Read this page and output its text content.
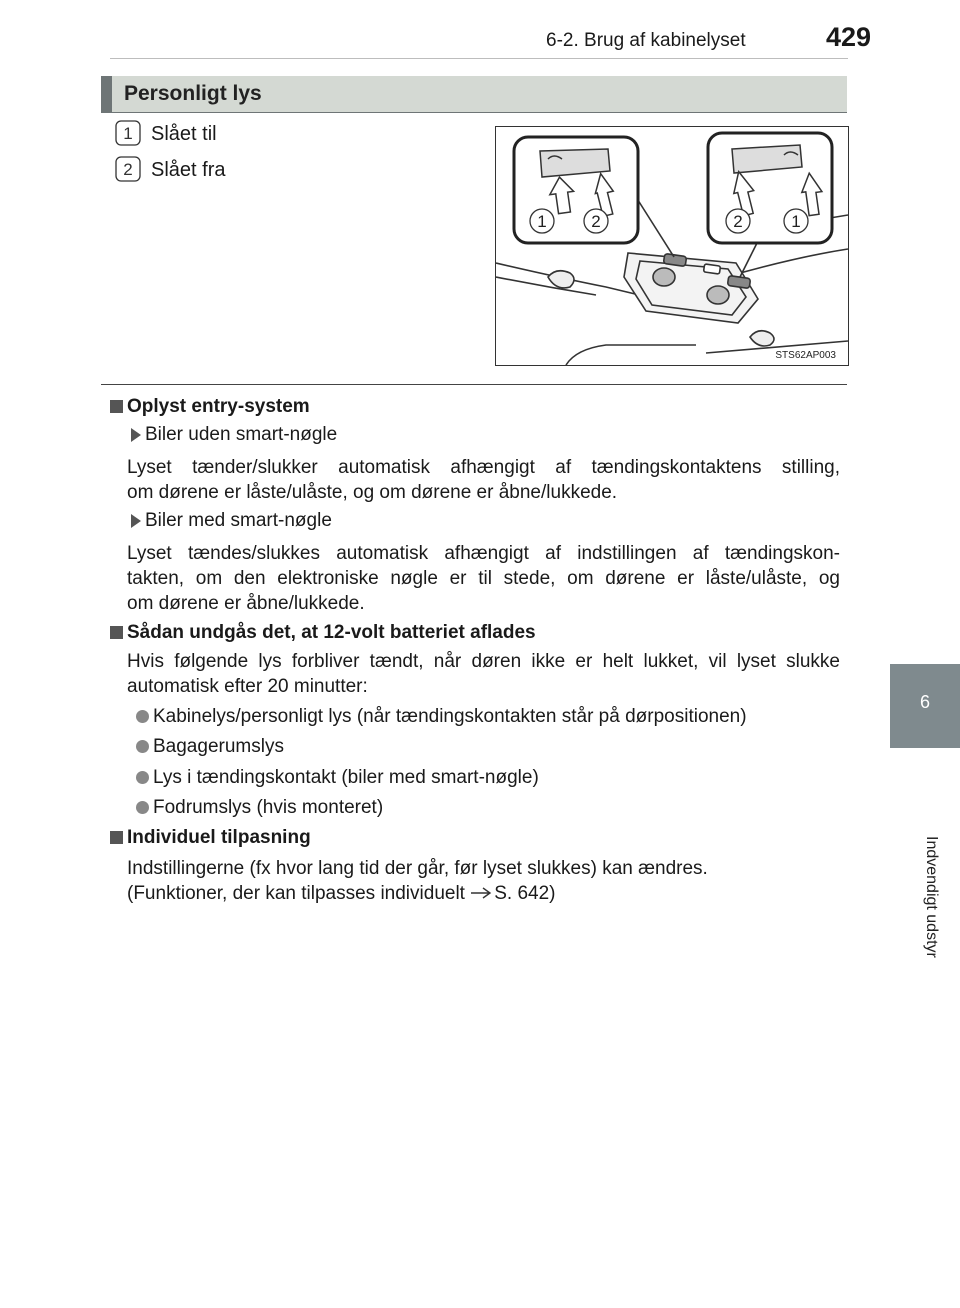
6-2. Brug af kabinelyset	429
6
Indvendigt udstyr
Personligt lys
1 Slået til
2 Slået fra
1	2	2	1
STS62AP003
Oplyst entry-system
Biler uden smart-nøgle
Lyset tænder/slukker automatisk afhængigt af tændingskontaktens stilling,
om dørene er låste/ulåste, og om dørene er åbne/lukkede.
Biler med smart-nøgle
Lyset tændes/slukkes automatisk afhængigt af indstillingen af tændingskon-
takten, om den elektroniske nøgle er til stede, om dørene er låste/ulåste, og
om dørene er åbne/lukkede.
Sådan undgås det, at 12-volt batteriet aflades
Hvis følgende lys forbliver tændt, når døren ikke er helt lukket, vil lyset slukke
automatisk efter 20 minutter:
Kabinelys/personligt lys (når tændingskontakten står på dørpositionen)
Bagagerumslys
Lys i tændingskontakt (biler med smart-nøgle)
Fodrumslys (hvis monteret)
Individuel tilpasning
Indstillingerne (fx hvor lang tid der går, før lyset slukkes) kan ændres.
(Funktioner, der kan tilpasses individuelt S. 642)
